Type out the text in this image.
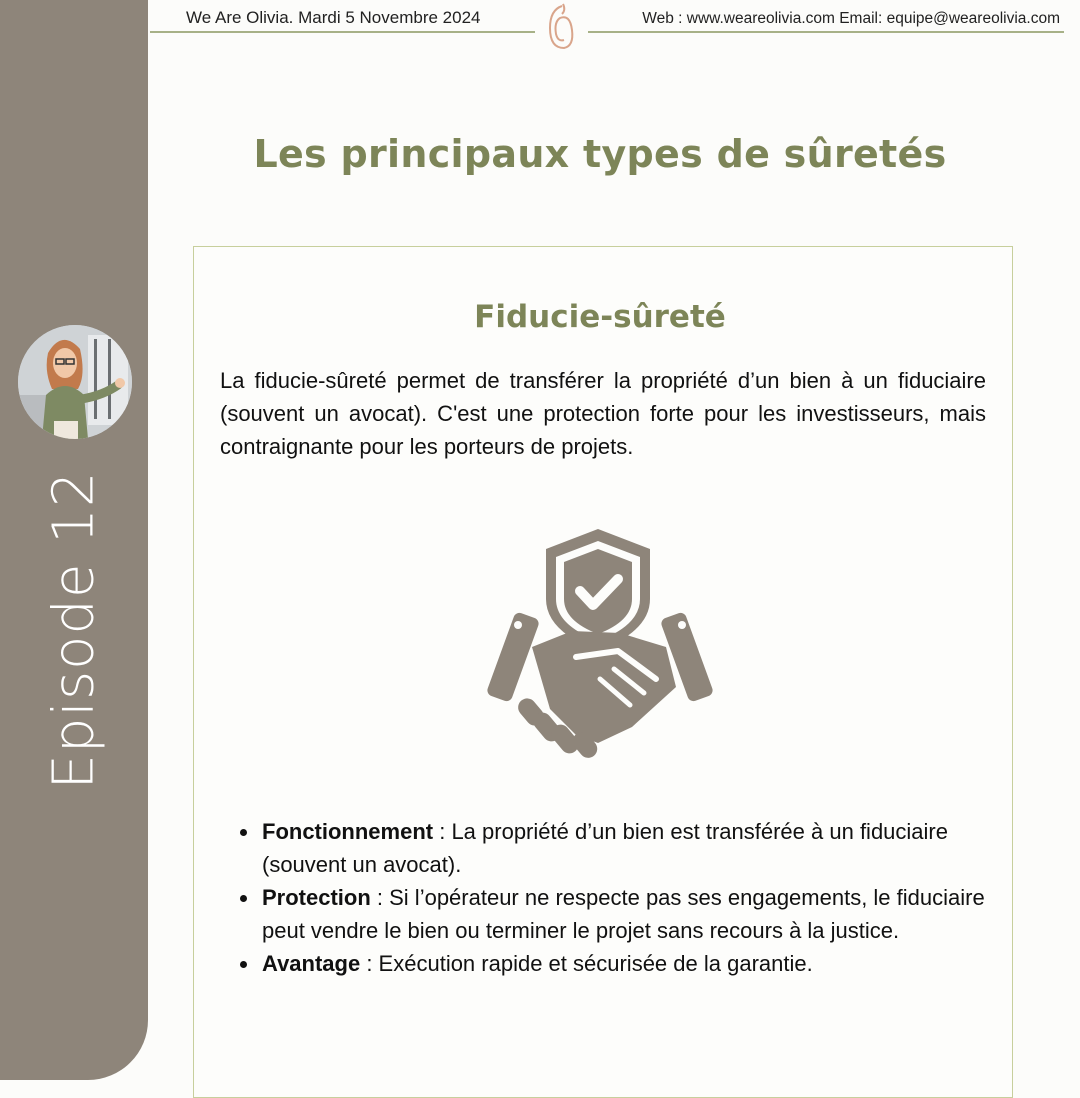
Episode 12
We Are Olivia. Mardi 5 Novembre 2024	Web : www.weareolivia.com Email: equipe@weareolivia.com
Les principaux types de sûretés
Fiducie-sûreté

La fiducie-sûreté permet de transférer la propriété d’un bien à un fiduciaire (souvent un avocat). C'est une protection forte pour les investisseurs, mais contraignante pour les porteurs de projets.

• Fonctionnement : La propriété d’un bien est transférée à un fiduciaire (souvent un avocat).
• Protection : Si l’opérateur ne respecte pas ses engagements, le fiduciaire peut vendre le bien ou terminer le projet sans recours à la justice.
• Avantage : Exécution rapide et sécurisée de la garantie.
